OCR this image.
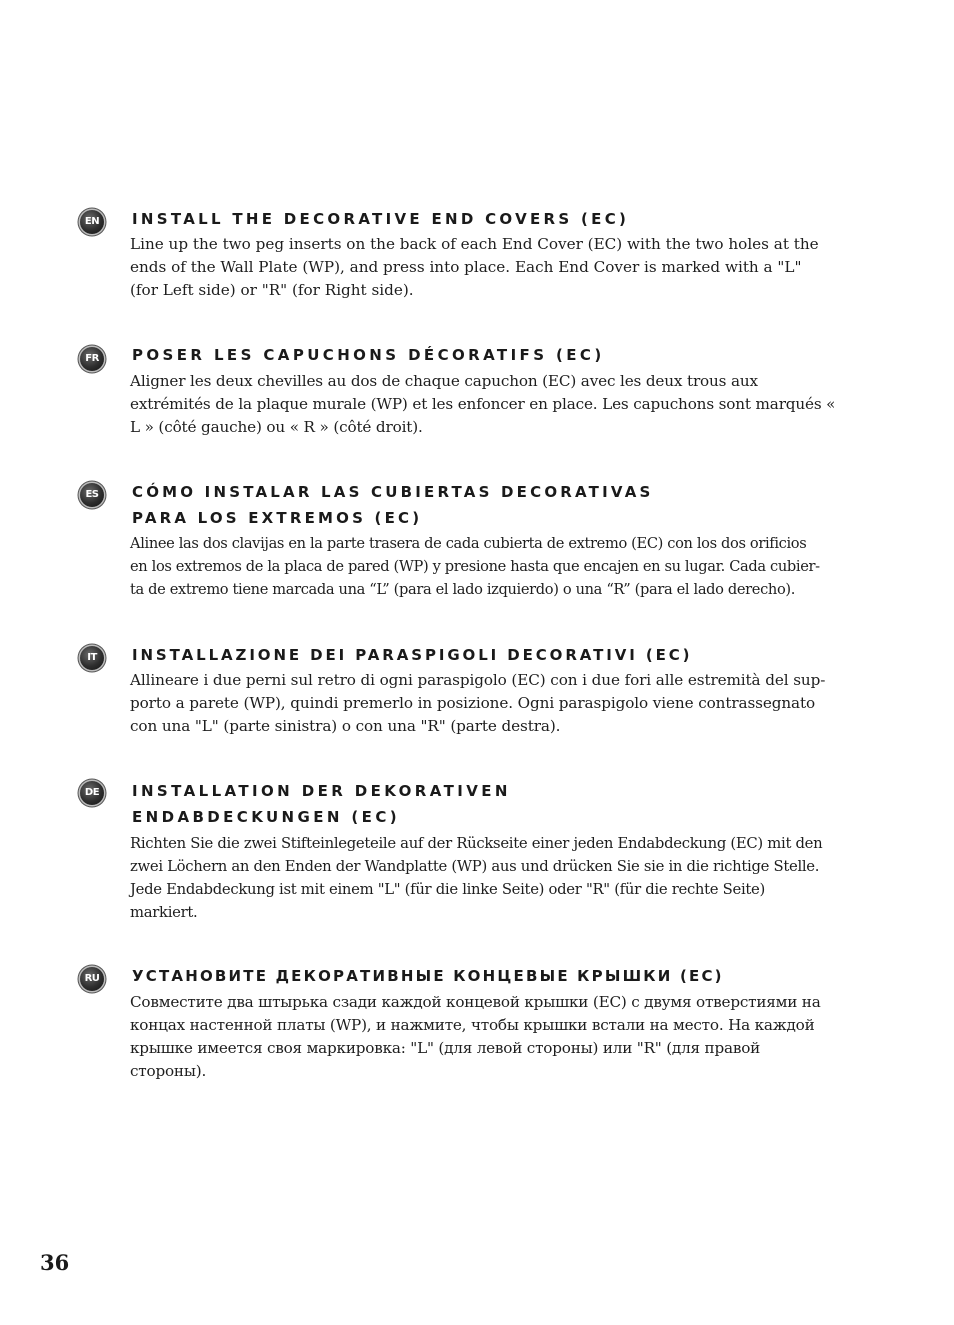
EN	INSTALL THE DECORATIVE END COVERS (EC)

Line up the two peg inserts on the back of each End Cover (EC) with the two holes at the
ends of the Wall Plate (WP), and press into place. Each End Cover is marked with a "L"
(for Left side) or "R" (for Right side).

FR	POSER LES CAPUCHONS DÉCORATIFS (EC)

Aligner les deux chevilles au dos de chaque capuchon (EC) avec les deux trous aux
extrémités de la plaque murale (WP) et les enfoncer en place. Les capuchons sont marqués «
L » (côté gauche) ou « R » (côté droit).

ES	CÓMO INSTALAR LAS CUBIERTAS DECORATIVAS
PARA LOS EXTREMOS (EC)

Alinee las dos clavijas en la parte trasera de cada cubierta de extremo (EC) con los dos orificios
en los extremos de la placa de pared (WP) y presione hasta que encajen en su lugar. Cada cubier-
ta de extremo tiene marcada una “L” (para el lado izquierdo) o una “R” (para el lado derecho).

IT	INSTALLAZIONE DEI PARASPIGOLI DECORATIVI (EC)

Allineare i due perni sul retro di ogni paraspigolo (EC) con i due fori alle estremità del sup-
porto a parete (WP), quindi premerlo in posizione. Ogni paraspigolo viene contrassegnato
con una "L" (parte sinistra) o con una "R" (parte destra).

DE	INSTALLATION DER DEKORATIVEN
ENDABDECKUNGEN (EC)

Richten Sie die zwei Stifteinlegeteile auf der Rückseite einer jeden Endabdeckung (EC) mit den
zwei Löchern an den Enden der Wandplatte (WP) aus und drücken Sie sie in die richtige Stelle.
Jede Endabdeckung ist mit einem "L" (für die linke Seite) oder "R" (für die rechte Seite)
markiert.

RU	УСТАНОВИТЕ ДЕКОРАТИВНЫЕ КОНЦЕВЫЕ КРЫШКИ (EC)

Совместите два штырька сзади каждой концевой крышки (EC) с двумя отверстиями на
концах настенной платы (WP), и нажмите, чтобы крышки встали на место. На каждой
крышке имеется своя маркировка: "L" (для левой стороны) или "R" (для правой
стороны).

36
